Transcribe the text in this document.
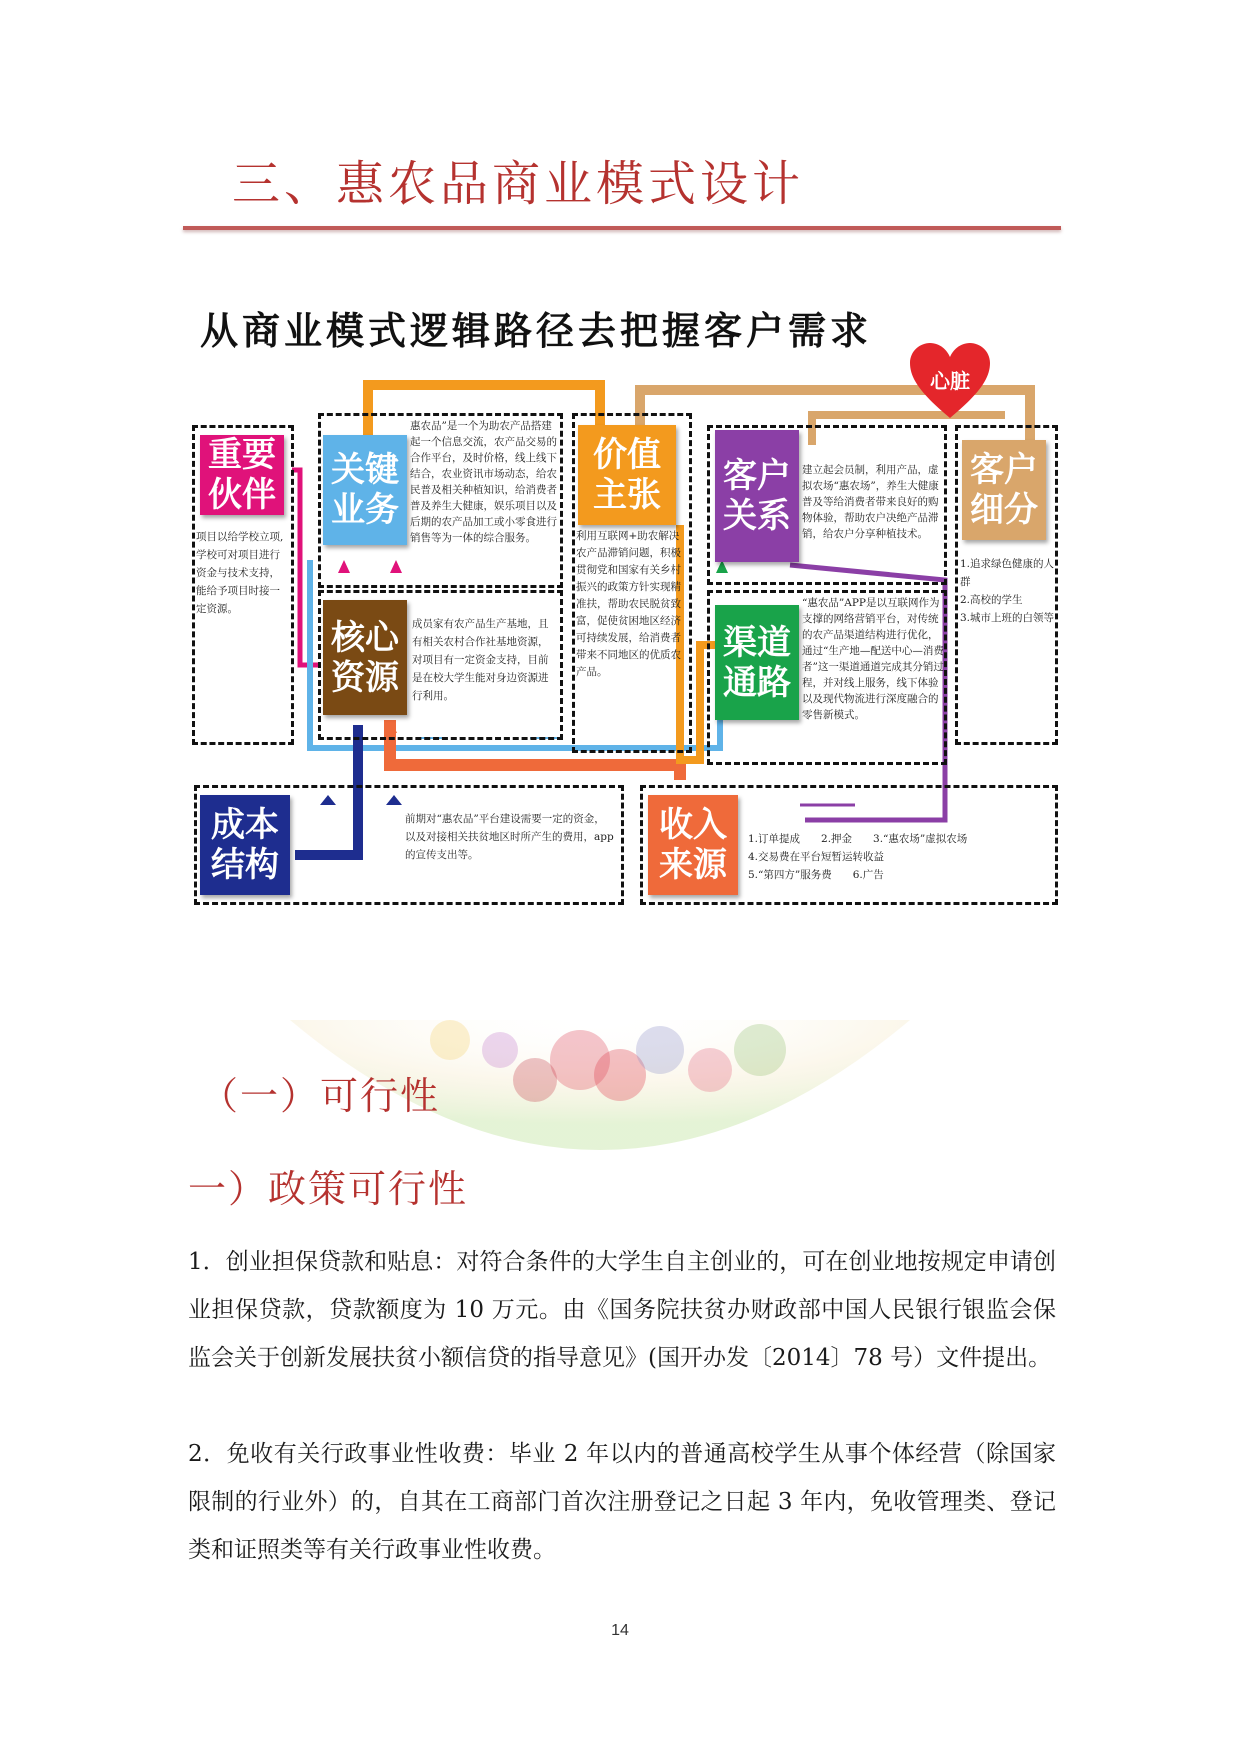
三、惠农品商业模式设计
从商业模式逻辑路径去把握客户需求
心脏
重要
伙伴
关键
业务
价值
主张	客户
关系
客户
细分
核心
资源
渠道
通路
成本
结构
收入
来源
项目以给学校立项,学校可对项目进行资金与技术支持，能给予项目时接一定资源。
惠农品”是一个为助农产品搭建起一个信息交流，农产品交易的合作平台，及时价格，线上线下结合，农业资讯市场动态，给农民普及相关种植知识，给消费者普及养生大健康，娱乐项目以及后期的农产品加工或小零食进行销售等为一体的综合服务。	利用互联网+助农解决农产品滞销问题，积极贯彻党和国家有关乡村振兴的政策方针实现精准扶，帮助农民脱贫致富，促使贫困地区经济可持续发展，给消费者带来不同地区的优质农产品。
建立起会员制，利用产品，虚拟农场“惠农场”，养生大健康普及等给消费者带来良好的购物体验，帮助农户决绝产品滞销，给农户分享种植技术。
1.追求绿色健康的人群
2.高校的学生
3.城市上班的白领等
成员家有农产品生产基地，且有相关农村合作社基地资源，对项目有一定资金支持，目前是在校大学生能对身边资源进行利用。
“惠农品”APP是以互联网作为支撑的网络营销平台，对传统的农产品渠道结构进行优化，通过“生产地—配送中心—消费者”这一渠道通道完成其分销过程，并对线上服务，线下体验以及现代物流进行深度融合的零售新模式。
前期对“惠农品”平台建设需要一定的资金，以及对接相关扶贫地区时所产生的费用，app的宣传支出等。
1.订单提成　　2.押金　　3.“惠农场”虚拟农场
4.交易费在平台短暂运转收益
5.“第四方”服务费　　6.广告
（一）可行性
一）政策可行性
1．创业担保贷款和贴息：对符合条件的大学生自主创业的，可在创业地按规定申请创业担保贷款，贷款额度为 10 万元。由《国务院扶贫办财政部中国人民银行银监会保监会关于创新发展扶贫小额信贷的指导意见》(国开办发〔2014〕78 号）文件提出。
2．免收有关行政事业性收费：毕业 2 年以内的普通高校学生从事个体经营（除国家限制的行业外）的，自其在工商部门首次注册登记之日起 3 年内，免收管理类、登记类和证照类等有关行政事业性收费。
14
